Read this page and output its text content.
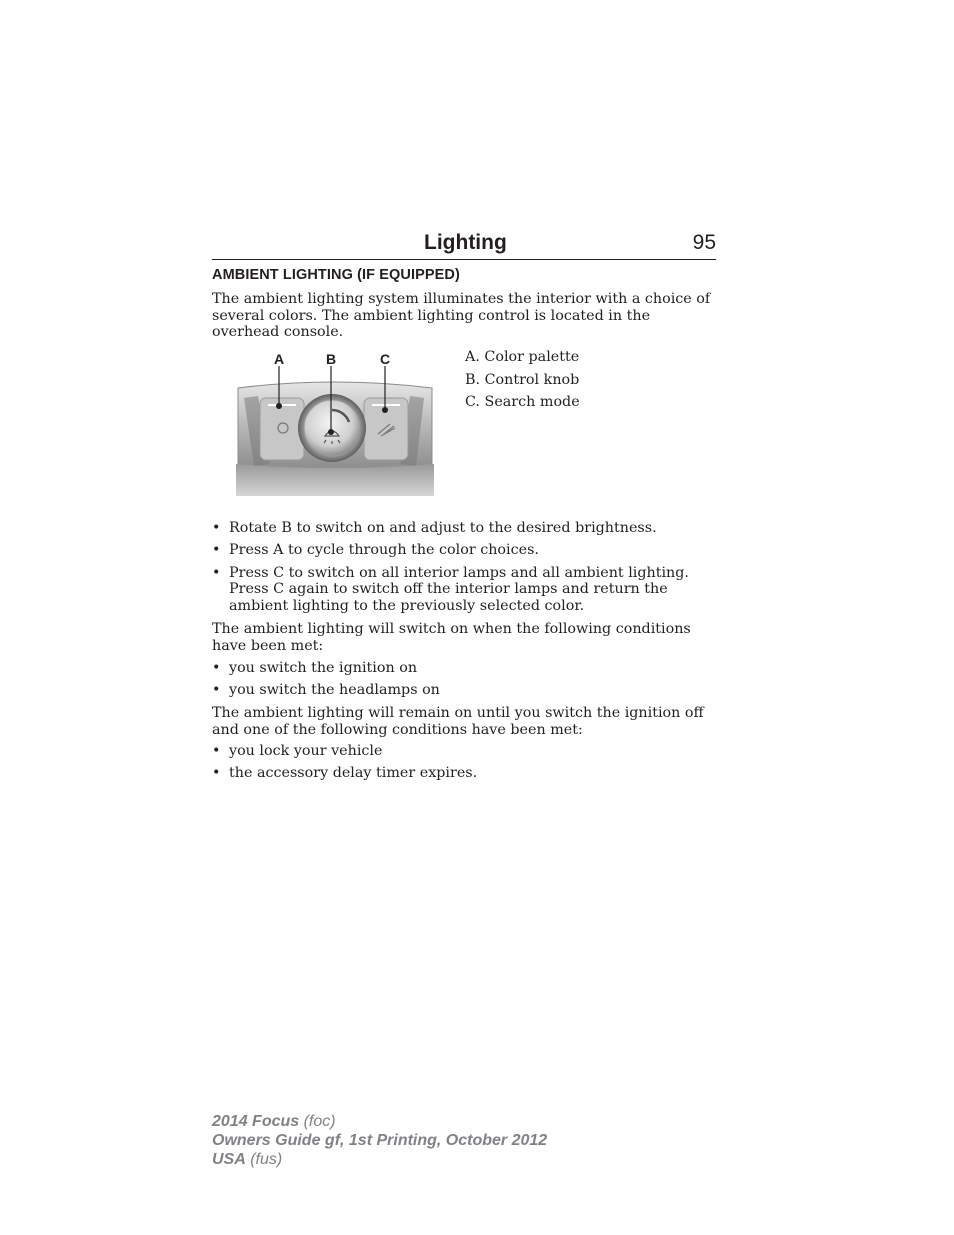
Lighting	95
AMBIENT LIGHTING (IF EQUIPPED)

The ambient lighting system illuminates the interior with a choice of several colors. The ambient lighting control is located in the overhead console.

A	B	C	A. Color palette
B. Control knob
C. Search mode
• Rotate B to switch on and adjust to the desired brightness.
• Press A to cycle through the color choices.
• Press C to switch on all interior lamps and all ambient lighting. Press C again to switch off the interior lamps and return the ambient lighting to the previously selected color.

The ambient lighting will switch on when the following conditions have been met:

• you switch the ignition on
• you switch the headlamps on

The ambient lighting will remain on until you switch the ignition off and one of the following conditions have been met:

• you lock your vehicle
• the accessory delay timer expires.
2014 Focus (foc)
Owners Guide gf, 1st Printing, October 2012
USA (fus)
